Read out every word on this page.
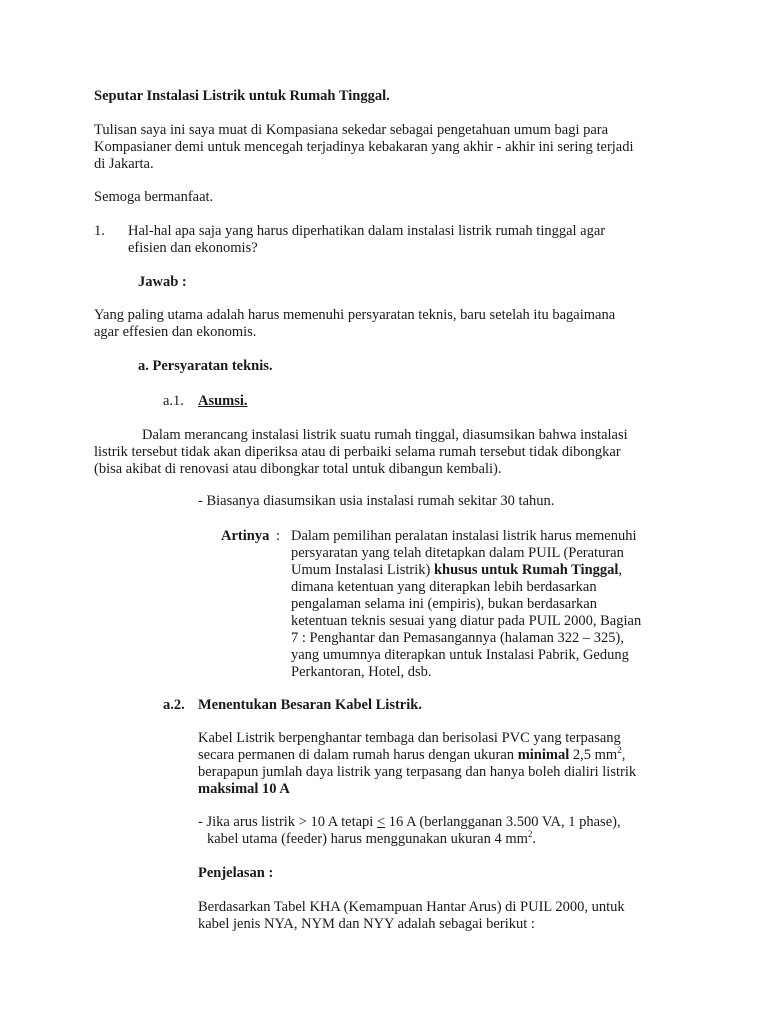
Seputar Instalasi Listrik untuk Rumah Tinggal.
Tulisan saya ini saya muat di Kompasiana sekedar sebagai pengetahuan umum bagi para
Kompasianer demi untuk mencegah terjadinya kebakaran yang akhir - akhir ini sering terjadi
di Jakarta.
Semoga bermanfaat.
1. Hal-hal apa saja yang harus diperhatikan dalam instalasi listrik rumah tinggal agar
efisien dan ekonomis?
Jawab :
Yang paling utama adalah harus memenuhi persyaratan teknis, baru setelah itu bagaimana
agar effesien dan ekonomis.
a. Persyaratan teknis.
a.1. Asumsi.
Dalam merancang instalasi listrik suatu rumah tinggal, diasumsikan bahwa instalasi
listrik tersebut tidak akan diperiksa atau di perbaiki selama rumah tersebut tidak dibongkar
(bisa akibat di renovasi atau dibongkar total untuk dibangun kembali).
- Biasanya diasumsikan usia instalasi rumah sekitar 30 tahun.
Artinya : Dalam pemilihan peralatan instalasi listrik harus memenuhi
persyaratan yang telah ditetapkan dalam PUIL (Peraturan
Umum Instalasi Listrik) khusus untuk Rumah Tinggal,
dimana ketentuan yang diterapkan lebih berdasarkan
pengalaman selama ini (empiris), bukan berdasarkan
ketentuan teknis sesuai yang diatur pada PUIL 2000, Bagian
7 : Penghantar dan Pemasangannya (halaman 322 – 325),
yang umumnya diterapkan untuk Instalasi Pabrik, Gedung
Perkantoran, Hotel, dsb.
a.2. Menentukan Besaran Kabel Listrik.
Kabel Listrik berpenghantar tembaga dan berisolasi PVC yang terpasang
secara permanen di dalam rumah harus dengan ukuran minimal 2,5 $mm^2$,
berapapun jumlah daya listrik yang terpasang dan hanya boleh dialiri listrik
maksimal 10 A
- Jika arus listrik > 10 A tetapi ≤ 16 A (berlangganan 3.500 VA, 1 phase),
kabel utama (feeder) harus menggunakan ukuran 4 $mm^2$.
Penjelasan :
Berdasarkan Tabel KHA (Kemampuan Hantar Arus) di PUIL 2000, untuk
kabel jenis NYA, NYM dan NYY adalah sebagai berikut :
